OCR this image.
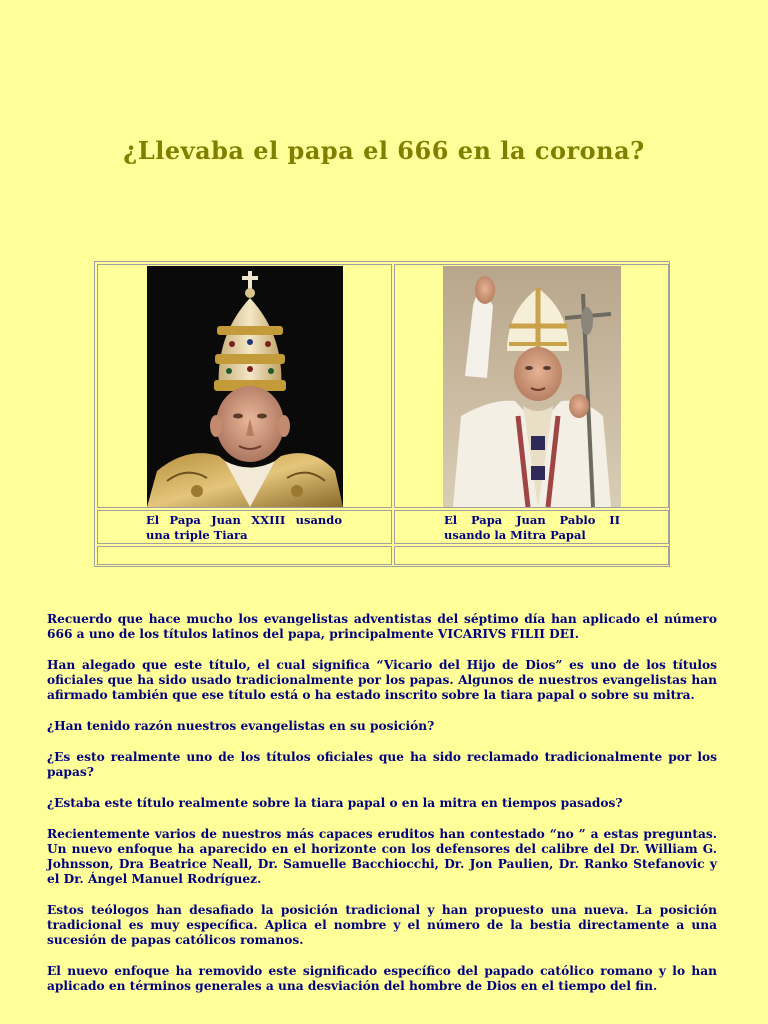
¿Llevaba el papa el 666 en la corona?
El Papa Juan XXIII usando una triple Tiara
El Papa Juan Pablo II usando la Mitra Papal

Recuerdo que hace mucho los evangelistas adventistas del séptimo día han aplicado el número 666 a uno de los títulos latinos del papa, principalmente VICARIVS FILII DEI.

Han alegado que este título, el cual significa “Vicario del Hijo de Dios” es uno de los títulos oficiales que ha sido usado tradicionalmente por los papas. Algunos de nuestros evangelistas han afirmado también que ese título está o ha estado inscrito sobre la tiara papal o sobre su mitra.

¿Han tenido razón nuestros evangelistas en su posición?

¿Es esto realmente uno de los títulos oficiales que ha sido reclamado tradicionalmente por los papas?

¿Estaba este título realmente sobre la tiara papal o en la mitra en tiempos pasados?

Recientemente varios de nuestros más capaces eruditos han contestado “no ” a estas preguntas. Un nuevo enfoque ha aparecido en el horizonte con los defensores del calibre del Dr. William G. Johnsson, Dra Beatrice Neall, Dr. Samuelle Bacchiocchi, Dr. Jon Paulien, Dr. Ranko Stefanovic y el Dr. Ángel Manuel Rodríguez.

Estos teólogos han desafiado la posición tradicional y han propuesto una nueva. La posición tradicional es muy específica. Aplica el nombre y el número de la bestia directamente a una sucesión de papas católicos romanos.

El nuevo enfoque ha removido este significado específico del papado católico romano y lo han aplicado en términos generales a una desviación del hombre de Dios en el tiempo del fin.
